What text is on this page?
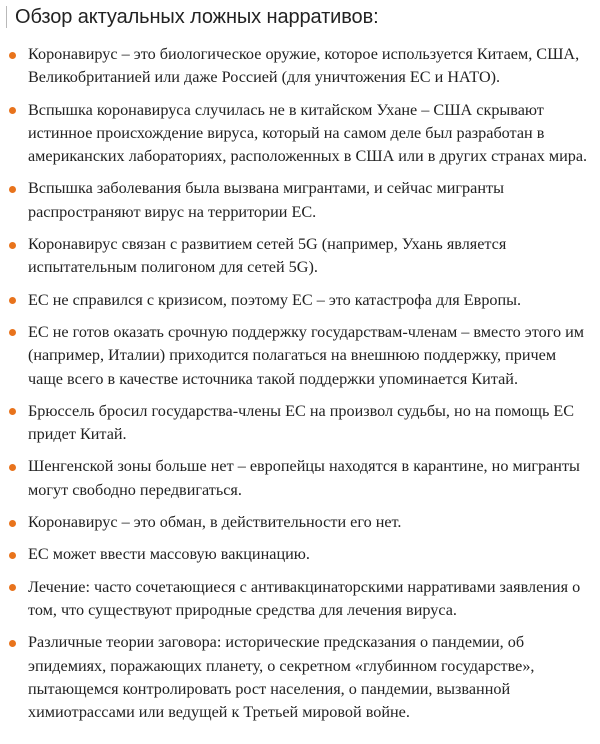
Обзор актуальных ложных нарративов:
Коронавирус – это биологическое оружие, которое используется Китаем, США, Великобританией или даже Россией (для уничтожения ЕС и НАТО).
Вспышка коронавируса случилась не в китайском Ухане – США скрывают истинное происхождение вируса, который на самом деле был разработан в американских лабораториях, расположенных в США или в других странах мира.
Вспышка заболевания была вызвана мигрантами, и сейчас мигранты распространяют вирус на территории ЕС.
Коронавирус связан с развитием сетей 5G (например, Ухань является испытательным полигоном для сетей 5G).
ЕС не справился с кризисом, поэтому ЕС – это катастрофа для Европы.
ЕС не готов оказать срочную поддержку государствам-членам – вместо этого им (например, Италии) приходится полагаться на внешнюю поддержку, причем чаще всего в качестве источника такой поддержки упоминается Китай.
Брюссель бросил государства-члены ЕС на произвол судьбы, но на помощь ЕС придет Китай.
Шенгенской зоны больше нет – европейцы находятся в карантине, но мигранты могут свободно передвигаться.
Коронавирус – это обман, в действительности его нет.
ЕС может ввести массовую вакцинацию.
Лечение: часто сочетающиеся с антивакцинаторскими нарративами заявления о том, что существуют природные средства для лечения вируса.
Различные теории заговора: исторические предсказания о пандемии, об эпидемиях, поражающих планету, о секретном «глубинном государстве», пытающемся контролировать рост населения, о пандемии, вызванной химиотрассами или ведущей к Третьей мировой войне.
